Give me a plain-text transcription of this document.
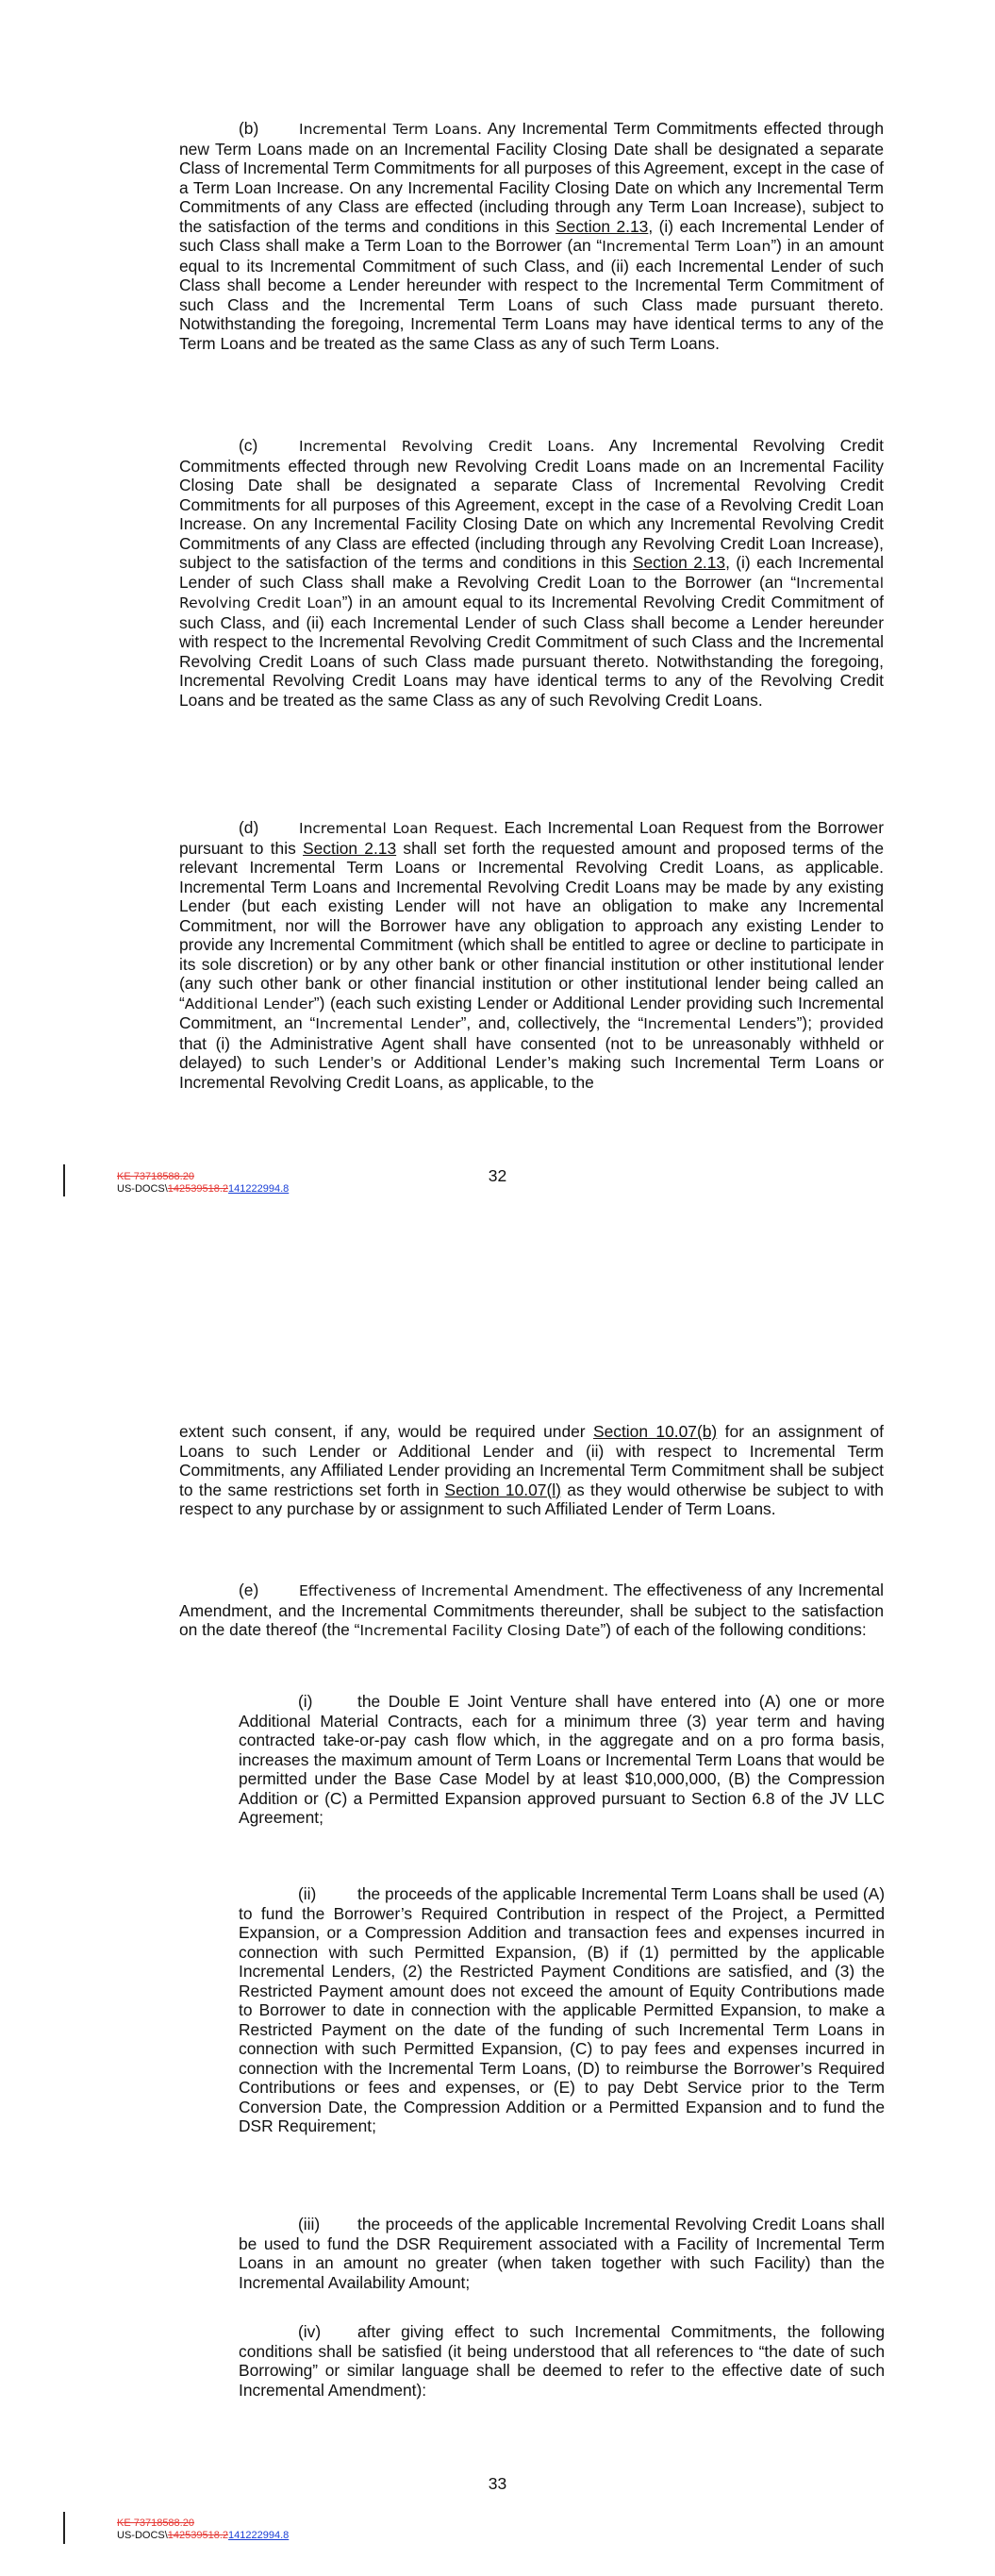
(b)	Incremental Term Loans. Any Incremental Term Commitments effected through new Term Loans made on an Incremental Facility Closing Date shall be designated a separate Class of Incremental Term Commitments for all purposes of this Agreement, except in the case of a Term Loan Increase. On any Incremental Facility Closing Date on which any Incremental Term Commitments of any Class are effected (including through any Term Loan Increase), subject to the satisfaction of the terms and conditions in this Section 2.13, (i) each Incremental Lender of such Class shall make a Term Loan to the Borrower (an “Incremental Term Loan”) in an amount equal to its Incremental Commitment of such Class, and (ii) each Incremental Lender of such Class shall become a Lender hereunder with respect to the Incremental Term Commitment of such Class and the Incremental Term Loans of such Class made pursuant thereto. Notwithstanding the foregoing, Incremental Term Loans may have identical terms to any of the Term Loans and be treated as the same Class as any of such Term Loans.

(c)	Incremental Revolving Credit Loans. Any Incremental Revolving Credit Commitments effected through new Revolving Credit Loans made on an Incremental Facility Closing Date shall be designated a separate Class of Incremental Revolving Credit Commitments for all purposes of this Agreement, except in the case of a Revolving Credit Loan Increase. On any Incremental Facility Closing Date on which any Incremental Revolving Credit Commitments of any Class are effected (including through any Revolving Credit Loan Increase), subject to the satisfaction of the terms and conditions in this Section 2.13, (i) each Incremental Lender of such Class shall make a Revolving Credit Loan to the Borrower (an “Incremental Revolving Credit Loan”) in an amount equal to its Incremental Revolving Credit Commitment of such Class, and (ii) each Incremental Lender of such Class shall become a Lender hereunder with respect to the Incremental Revolving Credit Commitment of such Class and the Incremental Revolving Credit Loans of such Class made pursuant thereto. Notwithstanding the foregoing, Incremental Revolving Credit Loans may have identical terms to any of the Revolving Credit Loans and be treated as the same Class as any of such Revolving Credit Loans.

(d)	Incremental Loan Request. Each Incremental Loan Request from the Borrower pursuant to this Section 2.13 shall set forth the requested amount and proposed terms of the relevant Incremental Term Loans or Incremental Revolving Credit Loans, as applicable. Incremental Term Loans and Incremental Revolving Credit Loans may be made by any existing Lender (but each existing Lender will not have an obligation to make any Incremental Commitment, nor will the Borrower have any obligation to approach any existing Lender to provide any Incremental Commitment (which shall be entitled to agree or decline to participate in its sole discretion) or by any other bank or other financial institution or other institutional lender (any such other bank or other financial institution or other institutional lender being called an “Additional Lender”) (each such existing Lender or Additional Lender providing such Incremental Commitment, an “Incremental Lender”, and, collectively, the “Incremental Lenders”); provided that (i) the Administrative Agent shall have consented (not to be unreasonably withheld or delayed) to such Lender’s or Additional Lender’s making such Incremental Term Loans or Incremental Revolving Credit Loans, as applicable, to the

32
KE 73718588.20
US-DOCS\142539518.2141222994.8

extent such consent, if any, would be required under Section 10.07(b) for an assignment of Loans to such Lender or Additional Lender and (ii) with respect to Incremental Term Commitments, any Affiliated Lender providing an Incremental Term Commitment shall be subject to the same restrictions set forth in Section 10.07(l) as they would otherwise be subject to with respect to any purchase by or assignment to such Affiliated Lender of Term Loans.

(e)	Effectiveness of Incremental Amendment. The effectiveness of any Incremental Amendment, and the Incremental Commitments thereunder, shall be subject to the satisfaction on the date thereof (the “Incremental Facility Closing Date”) of each of the following conditions:

(i)	the Double E Joint Venture shall have entered into (A) one or more Additional Material Contracts, each for a minimum three (3) year term and having contracted take-or-pay cash flow which, in the aggregate and on a pro forma basis, increases the maximum amount of Term Loans or Incremental Term Loans that would be permitted under the Base Case Model by at least $10,000,000, (B) the Compression Addition or (C) a Permitted Expansion approved pursuant to Section 6.8 of the JV LLC Agreement;

(ii)	the proceeds of the applicable Incremental Term Loans shall be used (A) to fund the Borrower’s Required Contribution in respect of the Project, a Permitted Expansion, or a Compression Addition and transaction fees and expenses incurred in connection with such Permitted Expansion, (B) if (1) permitted by the applicable Incremental Lenders, (2) the Restricted Payment Conditions are satisfied, and (3) the Restricted Payment amount does not exceed the amount of Equity Contributions made to Borrower to date in connection with the applicable Permitted Expansion, to make a Restricted Payment on the date of the funding of such Incremental Term Loans in connection with such Permitted Expansion, (C) to pay fees and expenses incurred in connection with the Incremental Term Loans, (D) to reimburse the Borrower’s Required Contributions or fees and expenses, or (E) to pay Debt Service prior to the Term Conversion Date, the Compression Addition or a Permitted Expansion and to fund the DSR Requirement;

(iii) the proceeds of the applicable Incremental Revolving Credit Loans shall be used to fund the DSR Requirement associated with a Facility of Incremental Term Loans in an amount no greater (when taken together with such Facility) than the Incremental Availability Amount;

(iv) after giving effect to such Incremental Commitments, the following conditions shall be satisfied (it being understood that all references to “the date of such Borrowing” or similar language shall be deemed to refer to the effective date of such Incremental Amendment):

33
KE 73718588.20
US-DOCS\142539518.2141222994.8
